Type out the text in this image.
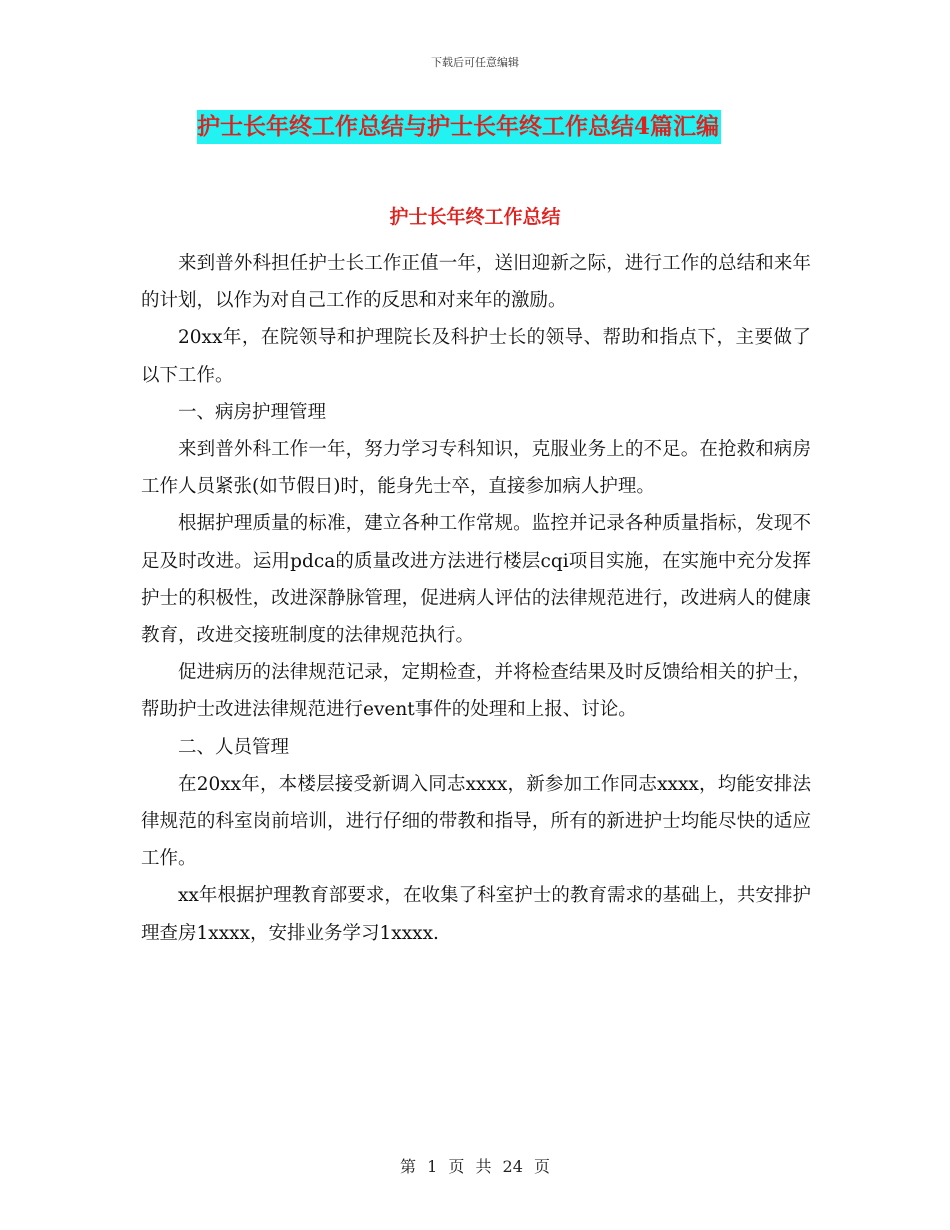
下载后可任意编辑
护士长年终工作总结与护士长年终工作总结4篇汇编
护士长年终工作总结

来到普外科担任护士长工作正值一年，送旧迎新之际，进行工作的总结和来年的计划，以作为对自己工作的反思和对来年的激励。

20xx年，在院领导和护理院长及科护士长的领导、帮助和指点下，主要做了以下工作。

一、病房护理管理

来到普外科工作一年，努力学习专科知识，克服业务上的不足。在抢救和病房工作人员紧张(如节假日)时，能身先士卒，直接参加病人护理。

根据护理质量的标准，建立各种工作常规。监控并记录各种质量指标，发现不足及时改进。运用pdca的质量改进方法进行楼层cqi项目实施，在实施中充分发挥护士的积极性，改进深静脉管理，促进病人评估的法律规范进行，改进病人的健康教育，改进交接班制度的法律规范执行。

促进病历的法律规范记录，定期检查，并将检查结果及时反馈给相关的护士，帮助护士改进法律规范进行event事件的处理和上报、讨论。

二、人员管理

在20xx年，本楼层接受新调入同志xxxx，新参加工作同志xxxx，均能安排法律规范的科室岗前培训，进行仔细的带教和指导，所有的新进护士均能尽快的适应工作。

xx年根据护理教育部要求，在收集了科室护士的教育需求的基础上，共安排护理查房1xxxx，安排业务学习1xxxx.

第 1 页 共 24 页
